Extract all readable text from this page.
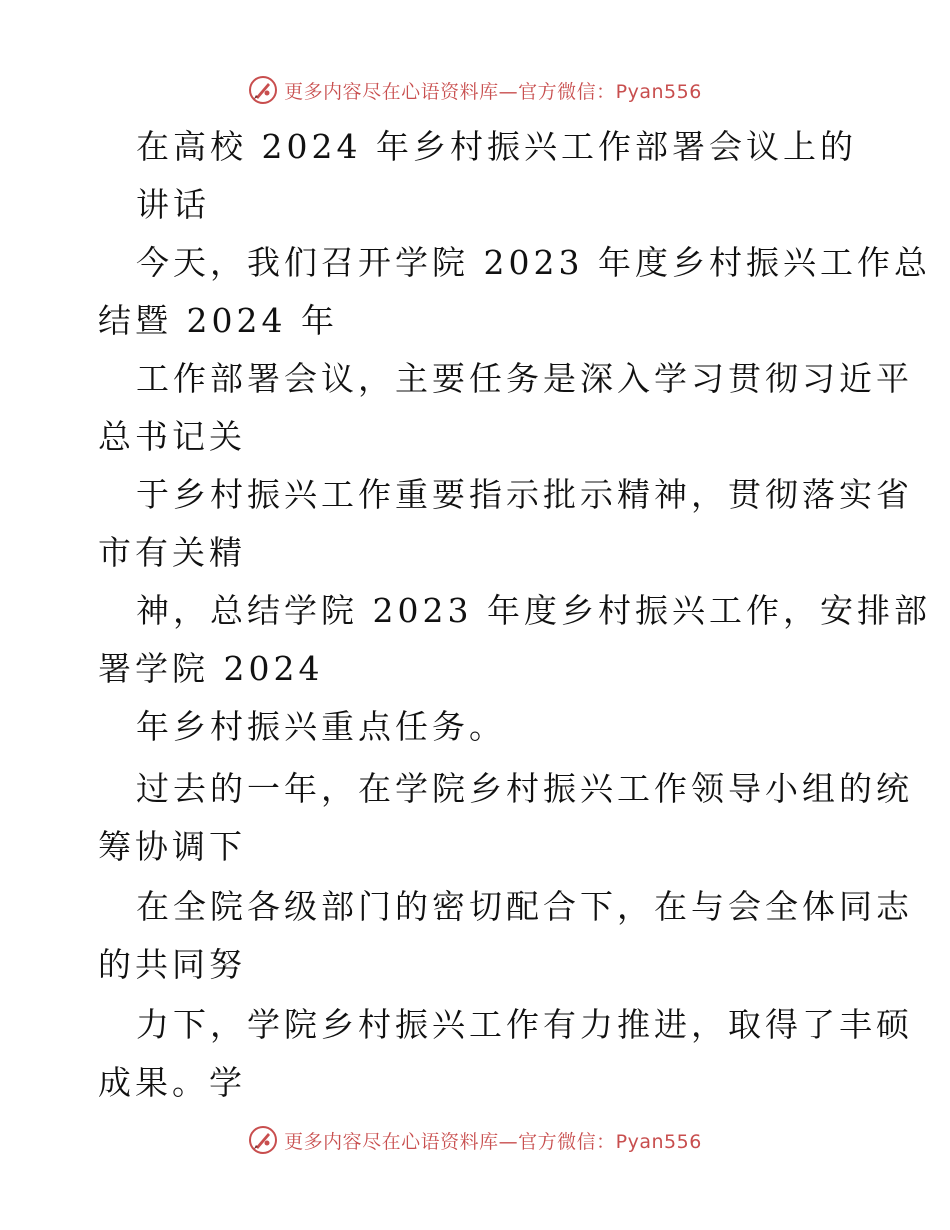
更多内容尽在心语资料库—官方微信：Pyan556
在高校 2024 年乡村振兴工作部署会议上的
讲话
今天，我们召开学院 2023 年度乡村振兴工作总
结暨 2024 年
工作部署会议，主要任务是深入学习贯彻习近平
总书记关
于乡村振兴工作重要指示批示精神，贯彻落实省
市有关精
神，总结学院 2023 年度乡村振兴工作，安排部
署学院 2024
年乡村振兴重点任务。
过去的一年，在学院乡村振兴工作领导小组的统
筹协调下
在全院各级部门的密切配合下，在与会全体同志
的共同努
力下，学院乡村振兴工作有力推进，取得了丰硕
成果。学
更多内容尽在心语资料库—官方微信：Pyan556
